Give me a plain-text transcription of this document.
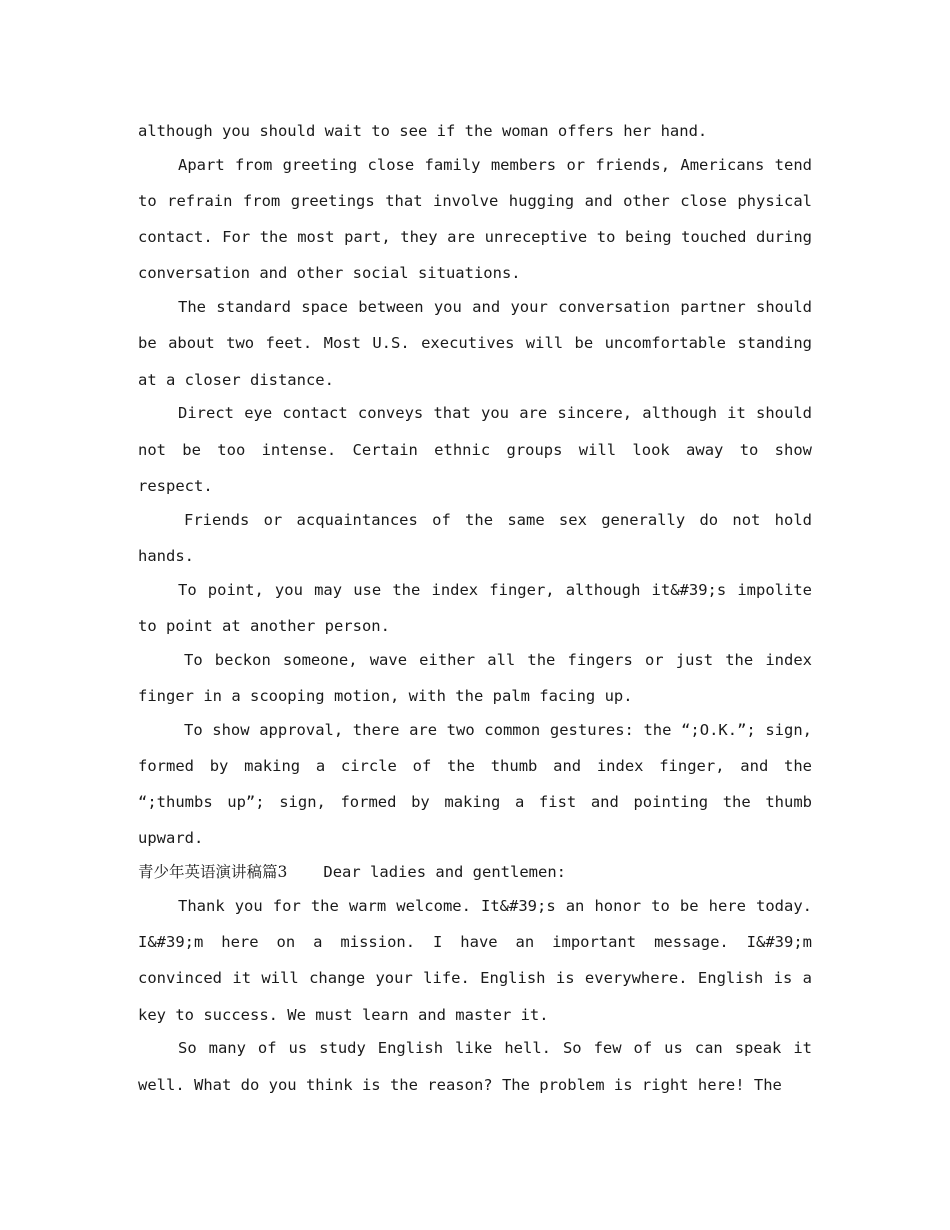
although you should wait to see if the woman offers her hand.

Apart from greeting close family members or friends, Americans tend to refrain from greetings that involve hugging and other close physical contact. For the most part, they are unreceptive to being touched during conversation and other social situations.

The standard space between you and your conversation partner should be about two feet. Most U.S. executives will be uncomfortable standing at a closer distance.

Direct eye contact conveys that you are sincere, although it should not be too intense. Certain ethnic groups will look away to show respect.

Friends or acquaintances of the same sex generally do not hold hands.

To point, you may use the index finger, although it&#39;s impolite to point at another person.

To beckon someone, wave either all the fingers or just the index finger in a scooping motion, with the palm facing up.

To show approval, there are two common gestures: the “;O.K.”; sign, formed by making a circle of the thumb and index finger, and the “;thumbs up”; sign, formed by making a fist and pointing the thumb upward.

青少年英语演讲稿篇3 Dear ladies and gentlemen:

Thank you for the warm welcome. It&#39;s an honor to be here today. I&#39;m here on a mission. I have an important message. I&#39;m convinced it will change your life. English is everywhere. English is a key to success. We must learn and master it.

So many of us study English like hell. So few of us can speak it well. What do you think is the reason? The problem is right here! The
